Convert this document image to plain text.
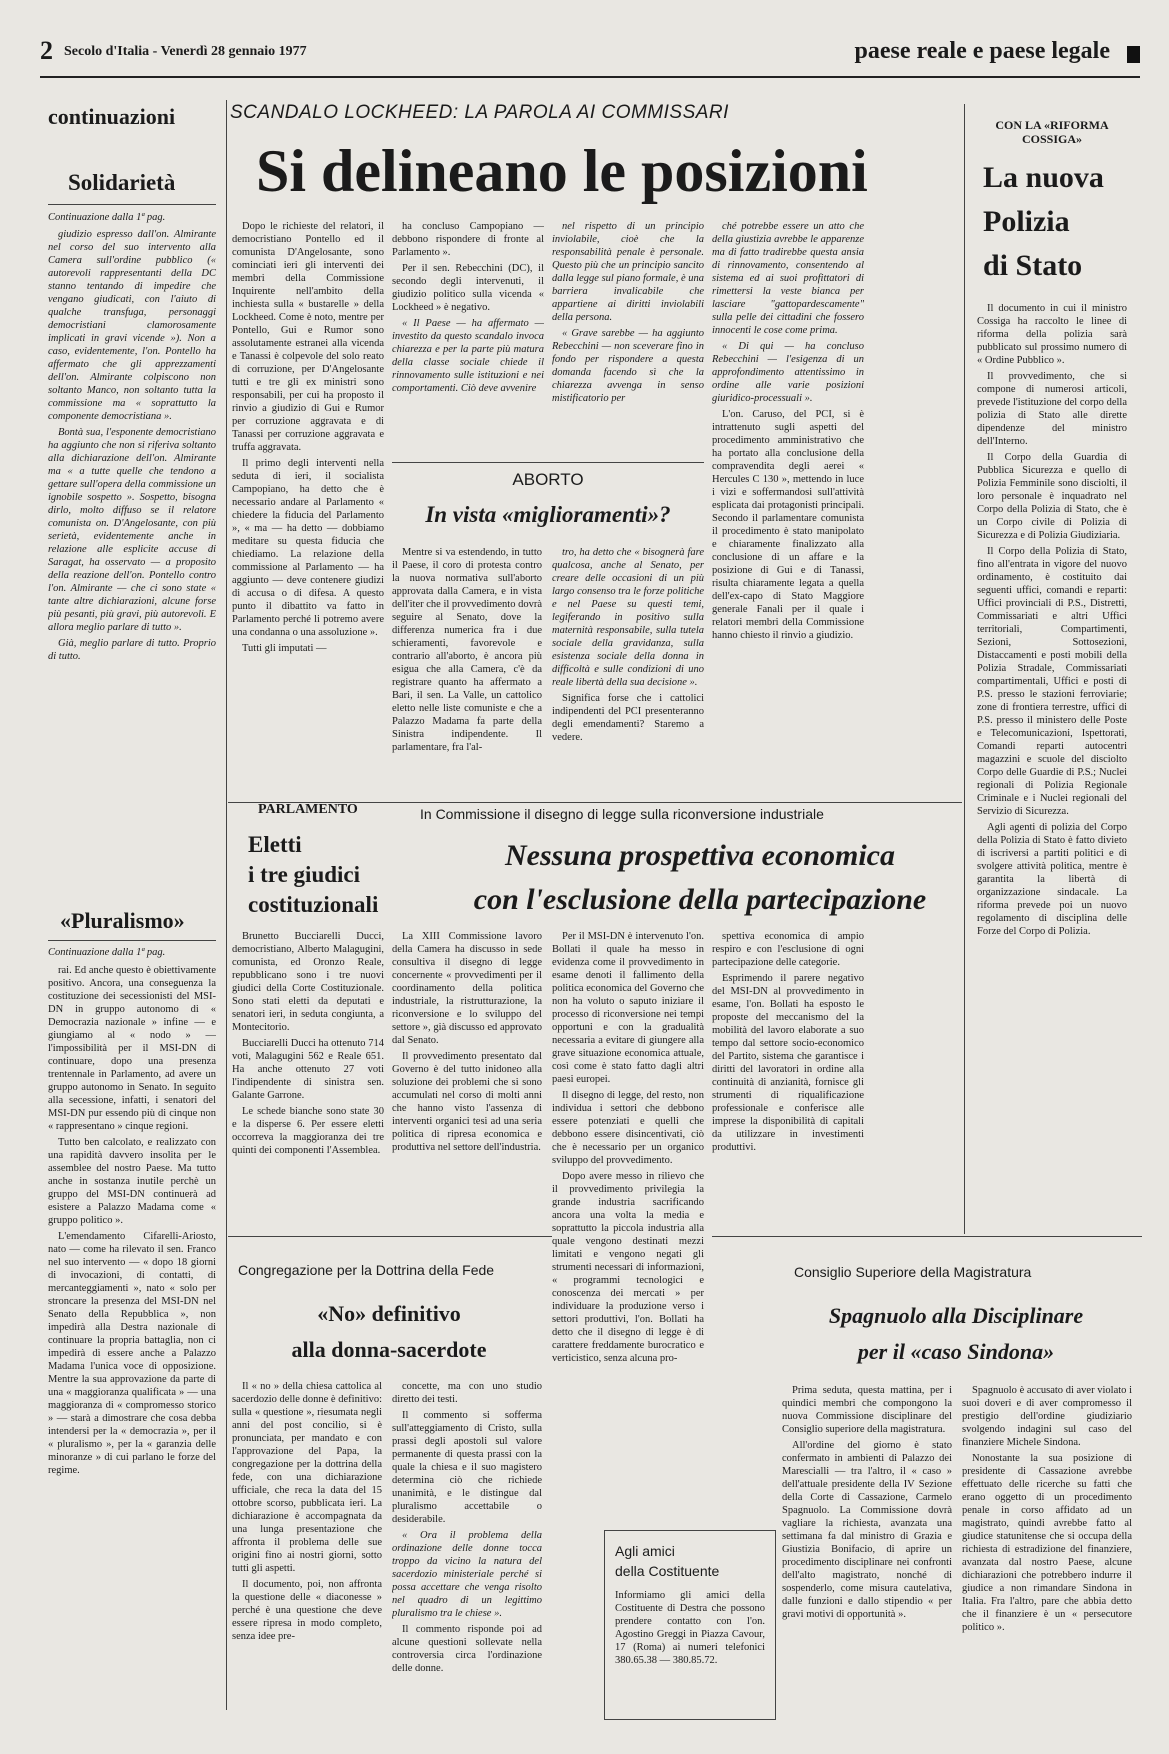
2 Secolo d'Italia - Venerdì 28 gennaio 1977	paese reale e paese legale
continuazioni
Solidarietà
Continuazione dalla 1ª pag.

giudizio espresso dall'on. Almirante nel corso del suo intervento alla Camera sull'ordine pubblico (« autorevoli rappresentanti della DC stanno tentando di impedire che vengano giudicati, con l'aiuto di qualche transfuga, personaggi democristiani clamorosamente implicati in gravi vicende »). Non a caso, evidentemente, l'on. Pontello ha affermato che gli apprezzamenti dell'on. Almirante colpiscono non soltanto Manco, non soltanto tutta la commissione ma « soprattutto la componente democristiana ».

Bontà sua, l'esponente democristiano ha aggiunto che non si riferiva soltanto alla dichiarazione dell'on. Almirante ma « a tutte quelle che tendono a gettare sull'opera della commissione un ignobile sospetto ». Sospetto, bisogna dirlo, molto diffuso se il relatore comunista on. D'Angelosante, con più serietà, evidentemente anche in relazione alle esplicite accuse di Saragat, ha osservato — a proposito della reazione dell'on. Pontello contro l'on. Almirante — che ci sono state « tante altre dichiarazioni, alcune forse più pesanti, più gravi, più autorevoli. E allora meglio parlare di tutto ».

Già, meglio parlare di tutto. Proprio di tutto.

«Pluralismo»
Continuazione dalla 1ª pag.

rai. Ed anche questo è obiettivamente positivo. Ancora, una conseguenza la costituzione dei secessionisti del MSI-DN in gruppo autonomo di « Democrazia nazionale » infine — e giungiamo al « nodo » — l'impossibilità per il MSI-DN di continuare, dopo una presenza trentennale in Parlamento, ad avere un gruppo autonomo in Senato. In seguito alla secessione, infatti, i senatori del MSI-DN pur essendo più di cinque non « rappresentano » cinque regioni.

Tutto ben calcolato, e realizzato con una rapidità davvero insolita per le assemblee del nostro Paese. Ma tutto anche in sostanza inutile perchè un gruppo del MSI-DN continuerà ad esistere a Palazzo Madama come « gruppo politico ».

L'emendamento Cifarelli-Ariosto, nato — come ha rilevato il sen. Franco nel suo intervento — « dopo 18 giorni di invocazioni, di contatti, di mercanteggiamenti », nato « solo per stroncare la presenza del MSI-DN nel Senato della Repubblica », non impedirà alla Destra nazionale di continuare la propria battaglia, non ci impedirà di essere anche a Palazzo Madama l'unica voce di opposizione. Mentre la sua approvazione da parte di una « maggioranza qualificata » — una maggioranza di « compromesso storico » — starà a dimostrare che cosa debba intendersi per la « democrazia », per il « pluralismo », per la « garanzia delle minoranze » di cui parlano le forze del regime.

SCANDALO LOCKHEED: LA PAROLA AI COMMISSARI
Si delineano le posizioni

Dopo le richieste del relatori, il democristiano Pontello ed il comunista D'Angelosante, sono cominciati ieri gli interventi dei membri della Commissione Inquirente nell'ambito della inchiesta sulla « bustarelle » della Lockheed. Come è noto, mentre per Pontello, Gui e Rumor sono assolutamente estranei alla vicenda e Tanassi è colpevole del solo reato di corruzione, per D'Angelosante tutti e tre gli ex ministri sono responsabili, per cui ha proposto il rinvio a giudizio di Gui e Rumor per corruzione aggravata e di Tanassi per corruzione aggravata e truffa aggravata.

Il primo degli interventi nella seduta di ieri, il socialista Campopiano, ha detto che è necessario andare al Parlamento « chiedere la fiducia del Parlamento », « ma — ha detto — dobbiamo meditare su questa fiducia che chiediamo. La relazione della commissione al Parlamento — ha aggiunto — deve contenere giudizi di accusa o di difesa. A questo punto il dibattito va fatto in Parlamento perché li potremo avere una condanna o una assoluzione ».

Tutti gli imputati —

ha concluso Campopiano — debbono rispondere di fronte al Parlamento ».

Per il sen. Rebecchini (DC), il secondo degli intervenuti, il giudizio politico sulla vicenda « Lockheed » è negativo.

« Il Paese — ha affermato — investito da questo scandalo invoca chiarezza e per la parte più matura della classe sociale chiede il rinnovamento sulle istituzioni e nei comportamenti. Ciò deve avvenire

nel rispetto di un principio inviolabile, cioè che la responsabilità penale è personale. Questo più che un principio sancito dalla legge sul piano formale, è una barriera invalicabile che appartiene ai diritti inviolabili della persona.

« Grave sarebbe — ha aggiunto Rebecchini — non sceverare fino in fondo per rispondere a questa domanda facendo sì che la chiarezza avvenga in senso mistificatorio per

ché potrebbe essere un atto che della giustizia avrebbe le apparenze ma di fatto tradirebbe questa ansia di rinnovamento, consentendo al sistema ed ai suoi profittatori di rimettersi la veste bianca per lasciare "gattopardescamente" sulla pelle dei cittadini che fossero innocenti le cose come prima.

« Di qui — ha concluso Rebecchini — l'esigenza di un approfondimento attentissimo in ordine alle varie posizioni giuridico-processuali ».

L'on. Caruso, del PCI, si è intrattenuto sugli aspetti del procedimento amministrativo che ha portato alla conclusione della compravendita degli aerei « Hercules C 130 », mettendo in luce i vizi e soffermandosi sull'attività esplicata dai protagonisti principali. Secondo il parlamentare comunista il procedimento è stato manipolato e chiaramente finalizzato alla conclusione di un affare e la posizione di Gui e di Tanassi, risulta chiaramente legata a quella dell'ex-capo di Stato Maggiore generale Fanali per il quale i relatori membri della Commissione hanno chiesto il rinvio a giudizio.

ABORTO
In vista «miglioramenti»?

Mentre si va estendendo, in tutto il Paese, il coro di protesta contro la nuova normativa sull'aborto approvata dalla Camera, e in vista dell'iter che il provvedimento dovrà seguire al Senato, dove la differenza numerica fra i due schieramenti, favorevole e contrario all'aborto, è ancora più esigua che alla Camera, c'è da registrare quanto ha affermato a Bari, il sen. La Valle, un cattolico eletto nelle liste comuniste e che a Palazzo Madama fa parte della Sinistra indipendente. Il parlamentare, fra l'al-

tro, ha detto che « bisognerà fare qualcosa, anche al Senato, per creare delle occasioni di un più largo consenso tra le forze politiche e nel Paese su questi temi, legiferando in positivo sulla maternità responsabile, sulla tutela sociale della gravidanza, sulla esistenza sociale della donna in difficoltà e sulle condizioni di uno reale libertà della sua decisione ».

Significa forse che i cattolici indipendenti del PCI presenteranno degli emendamenti? Staremo a vedere.

CON LA «RIFORMA COSSIGA»
La nuova
Polizia
di Stato

Il documento in cui il ministro Cossiga ha raccolto le linee di riforma della polizia sarà pubblicato sul prossimo numero di « Ordine Pubblico ».

Il provvedimento, che si compone di numerosi articoli, prevede l'istituzione del corpo della polizia di Stato alle dirette dipendenze del ministro dell'Interno.

Il Corpo della Guardia di Pubblica Sicurezza e quello di Polizia Femminile sono disciolti, il loro personale è inquadrato nel Corpo della Polizia di Stato, che è un Corpo civile di Polizia di Sicurezza e di Polizia Giudiziaria.

Il Corpo della Polizia di Stato, fino all'entrata in vigore del nuovo ordinamento, è costituito dai seguenti uffici, comandi e reparti: Uffici provinciali di P.S., Distretti, Commissariati e altri Uffici territoriali, Compartimenti, Sezioni, Sottosezioni, Distaccamenti e posti mobili della Polizia Stradale, Commissariati compartimentali, Uffici e posti di P.S. presso le stazioni ferroviarie; zone di frontiera terrestre, uffici di P.S. presso il ministero delle Poste e Telecomunicazioni, Ispettorati, Comandi reparti autocentri magazzini e scuole del disciolto Corpo delle Guardie di P.S.; Nuclei regionali di Polizia Regionale Criminale e i Nuclei regionali del Servizio di Sicurezza.

Agli agenti di polizia del Corpo della Polizia di Stato è fatto divieto di iscriversi a partiti politici e di svolgere attività politica, mentre è garantita la libertà di organizzazione sindacale. La riforma prevede poi un nuovo regolamento di disciplina delle Forze del Corpo di Polizia.

PARLAMENTO
Eletti
i tre giudici
costituzionali

Brunetto Bucciarelli Ducci, democristiano, Alberto Malagugini, comunista, ed Oronzo Reale, repubblicano sono i tre nuovi giudici della Corte Costituzionale. Sono stati eletti da deputati e senatori ieri, in seduta congiunta, a Montecitorio.

Bucciarelli Ducci ha ottenuto 714 voti, Malagugini 562 e Reale 651. Ha anche ottenuto 27 voti l'indipendente di sinistra sen. Galante Garrone.

Le schede bianche sono state 30 e la disperse 6. Per essere eletti occorreva la maggioranza dei tre quinti dei componenti l'Assemblea.

In Commissione il disegno di legge sulla riconversione industriale
Nessuna prospettiva economica
con l'esclusione della partecipazione

La XIII Commissione lavoro della Camera ha discusso in sede consultiva il disegno di legge concernente « provvedimenti per il coordinamento della politica industriale, la ristrutturazione, la riconversione e lo sviluppo del settore », già discusso ed approvato dal Senato.

Il provvedimento presentato dal Governo è del tutto inidoneo alla soluzione dei problemi che si sono accumulati nel corso di molti anni che hanno visto l'assenza di interventi organici tesi ad una seria politica di ripresa economica e produttiva nel settore dell'industria.

Per il MSI-DN è intervenuto l'on. Bollati il quale ha messo in evidenza come il provvedimento in esame denoti il fallimento della politica economica del Governo che non ha voluto o saputo iniziare il processo di riconversione nei tempi opportuni e con la gradualità necessaria a evitare di giungere alla grave situazione economica attuale, così come è stato fatto dagli altri paesi europei.

Il disegno di legge, del resto, non individua i settori che debbono essere potenziati e quelli che debbono essere disincentivati, ciò che è necessario per un organico sviluppo del provvedimento.

Dopo avere messo in rilievo che il provvedimento privilegia la grande industria sacrificando ancora una volta la media e soprattutto la piccola industria alla quale vengono destinati mezzi limitati e vengono negati gli strumenti necessari di informazioni, « programmi tecnologici e conoscenza dei mercati » per individuare la produzione verso i settori produttivi, l'on. Bollati ha detto che il disegno di legge è di carattere freddamente burocratico e verticistico, senza alcuna pro-

spettiva economica di ampio respiro e con l'esclusione di ogni partecipazione delle categorie.

Esprimendo il parere negativo del MSI-DN al provvedimento in esame, l'on. Bollati ha esposto le proposte del meccanismo del la mobilità del lavoro elaborate a suo tempo dal settore socio-economico del Partito, sistema che garantisce i diritti del lavoratori in ordine alla continuità di anzianità, fornisce gli strumenti di riqualificazione professionale e conferisce alle imprese la disponibilità di capitali da utilizzare in investimenti produttivi.

Agli amici
della Costituente
Informiamo gli amici della Costituente di Destra che possono prendere contatto con l'on. Agostino Greggi in Piazza Cavour, 17 (Roma) ai numeri telefonici 380.65.38 — 380.85.72.
Congregazione per la Dottrina della Fede
«No» definitivo
alla donna-sacerdote

Il « no » della chiesa cattolica al sacerdozio delle donne è definitivo: sulla « questione », riesumata negli anni del post concilio, si è pronunciata, per mandato e con l'approvazione del Papa, la congregazione per la dottrina della fede, con una dichiarazione ufficiale, che reca la data del 15 ottobre scorso, pubblicata ieri. La dichiarazione è accompagnata da una lunga presentazione che affronta il problema delle sue origini fino ai nostri giorni, sotto tutti gli aspetti.

Il documento, poi, non affronta la questione delle « diaconesse » perché è una questione che deve essere ripresa in modo completo, senza idee pre-

concette, ma con uno studio diretto dei testi.

Il commento si sofferma sull'atteggiamento di Cristo, sulla prassi degli apostoli sul valore permanente di questa prassi con la quale la chiesa e il suo magistero determina ciò che richiede unanimità, e le distingue dal pluralismo accettabile o desiderabile.

« Ora il problema della ordinazione delle donne tocca troppo da vicino la natura del sacerdozio ministeriale perché si possa accettare che venga risolto nel quadro di un legittimo pluralismo tra le chiese ».

Il commento risponde poi ad alcune questioni sollevate nella controversia circa l'ordinazione delle donne.

Consiglio Superiore della Magistratura
Spagnuolo alla Disciplinare
per il «caso Sindona»

Prima seduta, questa mattina, per i quindici membri che compongono la nuova Commissione disciplinare del Consiglio superiore della magistratura.

All'ordine del giorno è stato confermato in ambienti di Palazzo dei Marescialli — tra l'altro, il « caso » dell'attuale presidente della IV Sezione della Corte di Cassazione, Carmelo Spagnuolo. La Commissione dovrà vagliare la richiesta, avanzata una settimana fa dal ministro di Grazia e Giustizia Bonifacio, di aprire un procedimento disciplinare nei confronti dell'alto magistrato, nonché di sospenderlo, come misura cautelativa, dalle funzioni e dallo stipendio « per gravi motivi di opportunità ».

Spagnuolo è accusato di aver violato i suoi doveri e di aver compromesso il prestigio dell'ordine giudiziario svolgendo indagini sul caso del finanziere Michele Sindona.

Nonostante la sua posizione di presidente di Cassazione avrebbe effettuato delle ricerche su fatti che erano oggetto di un procedimento penale in corso affidato ad un magistrato, quindi avrebbe fatto al giudice statunitense che si occupa della richiesta di estradizione del finanziere, avanzata dal nostro Paese, alcune dichiarazioni che potrebbero indurre il giudice a non rimandare Sindona in Italia. Fra l'altro, pare che abbia detto che il finanziere è un « persecutore politico ».
